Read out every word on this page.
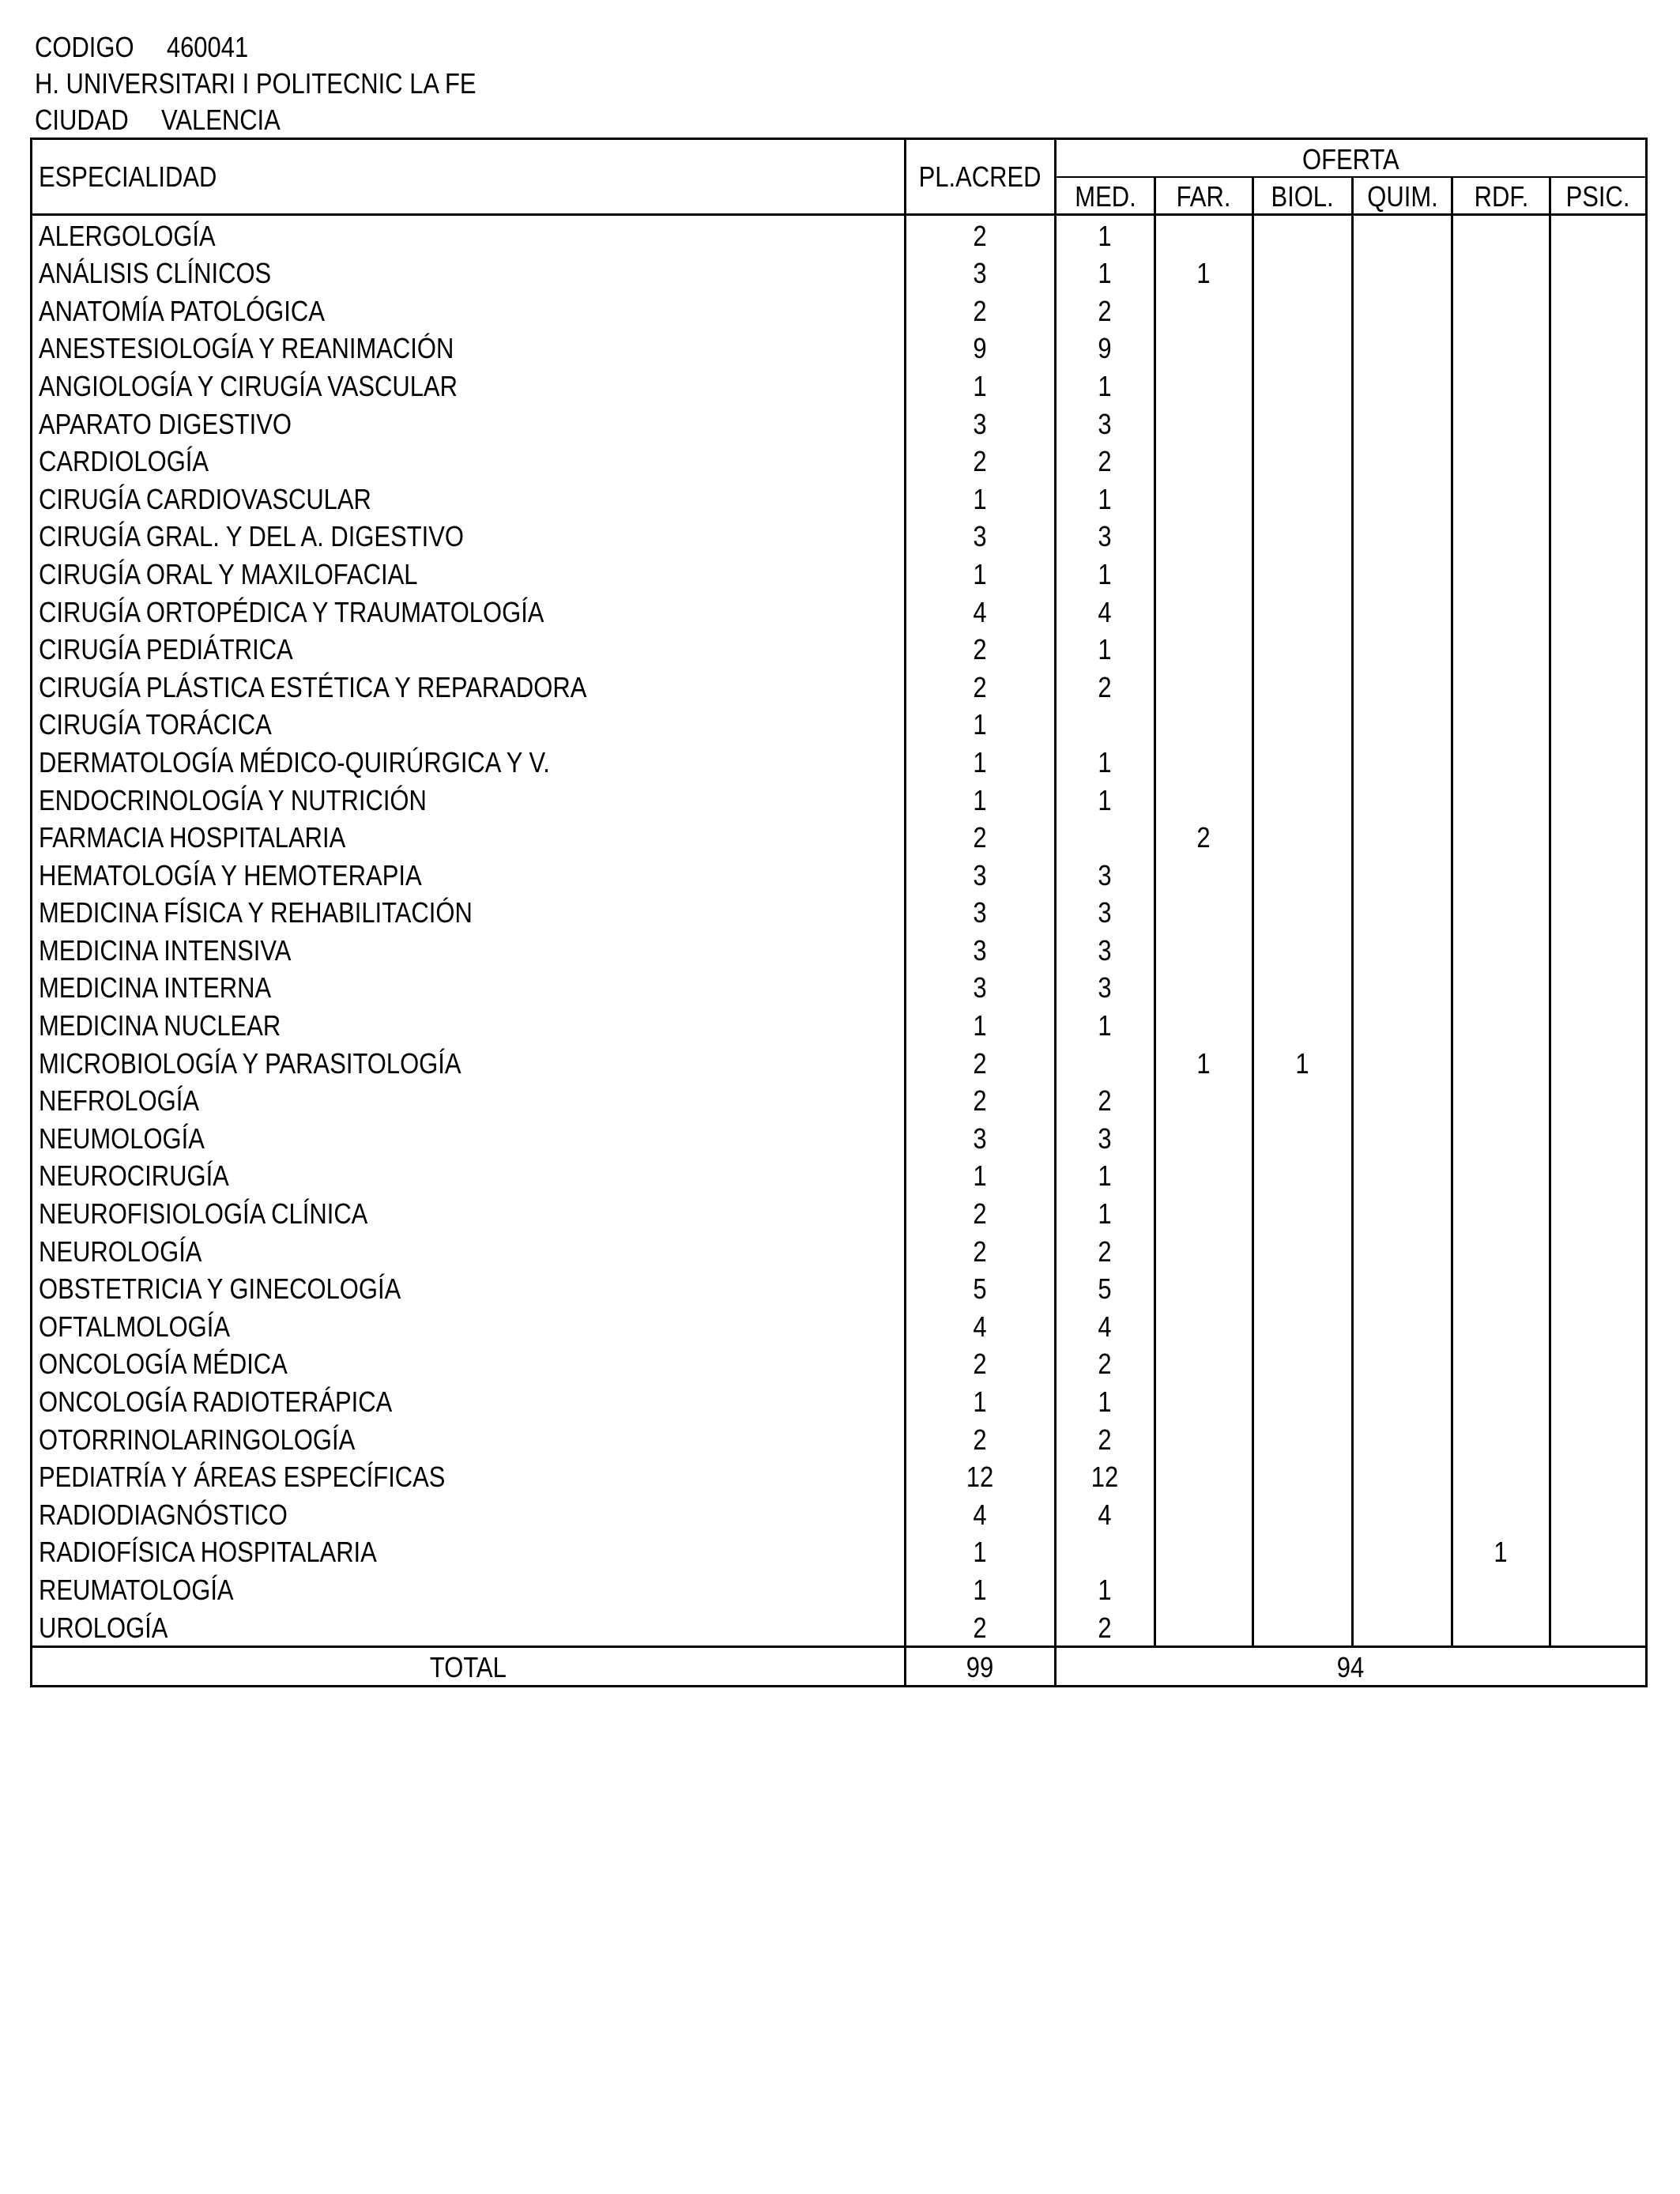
CODIGO 460041
H. UNIVERSITARI I POLITECNIC LA FE
CIUDAD VALENCIA
ESPECIALIDAD	PL.ACRED	OFERTA					
		MED.	FAR.	BIOL.	QUIM.	RDF.	PSIC.
ALERGOLOGÍA	2	1					
ANÁLISIS CLÍNICOS	3	1	1				
ANATOMÍA PATOLÓGICA	2	2					
ANESTESIOLOGÍA Y REANIMACIÓN	9	9					
ANGIOLOGÍA Y CIRUGÍA VASCULAR	1	1					
APARATO DIGESTIVO	3	3					
CARDIOLOGÍA	2	2					
CIRUGÍA CARDIOVASCULAR	1	1					
CIRUGÍA GRAL. Y DEL A. DIGESTIVO	3	3					
CIRUGÍA ORAL Y MAXILOFACIAL	1	1					
CIRUGÍA ORTOPÉDICA Y TRAUMATOLOGÍA	4	4					
CIRUGÍA PEDIÁTRICA	2	1					
CIRUGÍA PLÁSTICA ESTÉTICA Y REPARADORA	2	2					
CIRUGÍA TORÁCICA	1						
DERMATOLOGÍA MÉDICO-QUIRÚRGICA Y V.	1	1					
ENDOCRINOLOGÍA Y NUTRICIÓN	1	1					
FARMACIA HOSPITALARIA	2		2				
HEMATOLOGÍA Y HEMOTERAPIA	3	3					
MEDICINA FÍSICA Y REHABILITACIÓN	3	3					
MEDICINA INTENSIVA	3	3					
MEDICINA INTERNA	3	3					
MEDICINA NUCLEAR	1	1					
MICROBIOLOGÍA Y PARASITOLOGÍA	2		1	1			
NEFROLOGÍA	2	2					
NEUMOLOGÍA	3	3					
NEUROCIRUGÍA	1	1					
NEUROFISIOLOGÍA CLÍNICA	2	1					
NEUROLOGÍA	2	2					
OBSTETRICIA Y GINECOLOGÍA	5	5					
OFTALMOLOGÍA	4	4					
ONCOLOGÍA MÉDICA	2	2					
ONCOLOGÍA RADIOTERÁPICA	1	1					
OTORRINOLARINGOLOGÍA	2	2					
PEDIATRÍA Y ÁREAS ESPECÍFICAS	12	12					
RADIODIAGNÓSTICO	4	4					
RADIOFÍSICA HOSPITALARIA	1					1	
REUMATOLOGÍA	1	1					
UROLOGÍA	2	2					
TOTAL	99	94					
